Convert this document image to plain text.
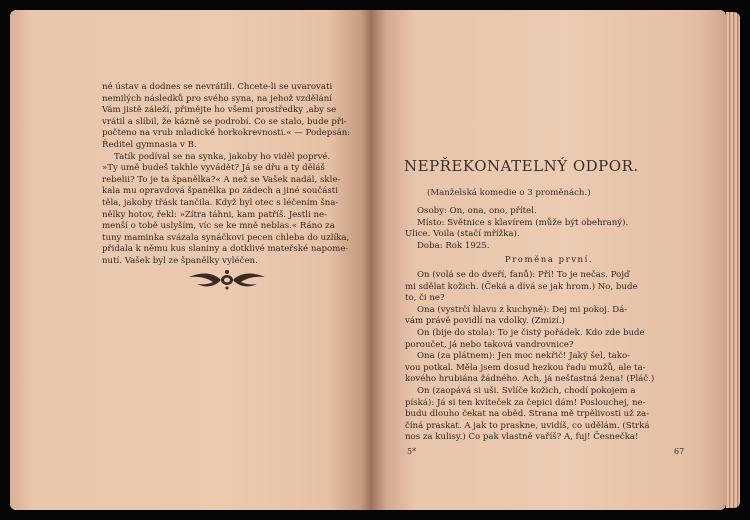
né ústav a dodnes se nevrátili. Chcete-li se uvarovati
nemilých následků pro svého syna, na jehož vzdělání
Vám jistě záleží, přimějte ho všemi prostředky ,aby se
vrátil a slíbil, že kázně se podrobí. Co se stalo, bude při-
počteno na vrub mladické horkokrevnosti.« — Podepsán:
Ředitel gymnasia v B.
Tatík podíval se na synka, jakoby ho viděl poprvé.
»Ty umě budeš takhle vyvádět? Já se dřu a ty děláš
rebelii? To je ta španělka?« A než se Vašek nadál, skle-
kala mu opravdová španělka po zádech a jiné součásti
těla, jakoby třásk tančila. Když byl otec s léčením šna-
nělky hotov, řekl: »Zítra táhni, kam patříš. Jestli ne-
menší o tobě uslyším, víc se ke mně neblas.« Ráno za
tuny maminka svázala synáčkovi pecen chleba do uzlíka,
přidala k němu kus slaniny a dotklivé mateřské napome-
nutí. Vašek byl ze španělky vyléčen.
NEPŘEKONATELNÝ ODPOR.
(Manželská komedie o 3 proměnách.)
Osoby: On, ona, ono, přítel.
Místo: Světnice s klavírem (může být obehraný).
Ulice. Voila (stačí mřížka).
Doba: Rok 1925.
Proměna první.
On (volá se do dveří, fanů): Pří! To je nečas. Pojď
mi sdělat kožich. (Čeká a dívá se jak hrom.) No, bude
to, či ne?
Ona (vystrčí hlavu z kuchyně): Dej mi pokoj. Dá-
vám právě povidlí na vdolky. (Zmizí.)
On (bije do stola): To je čistý pořádek. Kdo zde bude
poroučet, já nebo taková vandrovnice?
Ona (za plátnem): Jen moc nekřič! Jaký šel, tako-
vou potkal. Měla jsem dosud hezkou řadu mužů, ale ta-
kového hrubiána žádného. Ach, já nešťastná žena! (Pláč.)
On (zaopává si uši. Svlíče kožich, chodí pokojem a
píská): Já si ten kvíteček za čepici dám! Poslouchej, ne-
budu dlouho čekat na oběd. Strana mě trpělivosti už za-
číná praskat. A jak to praskne, uvidíš, co udělám. (Strká
nos za kulisy.) Co pak vlastně vaříš? A, fuj! Česnečka!
5*	67
